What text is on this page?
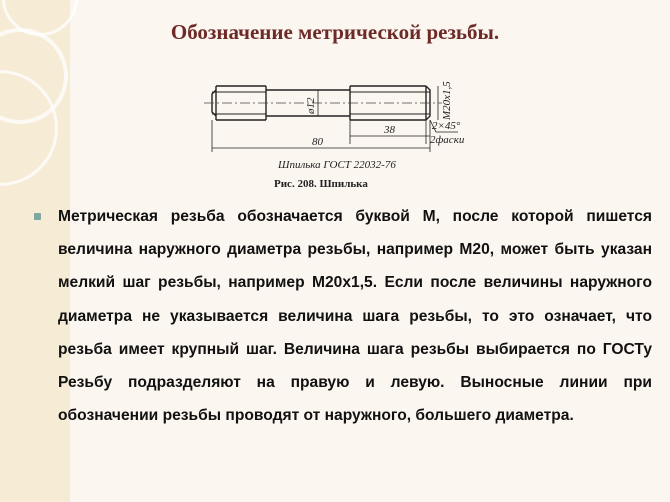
Обозначение метрической резьбы.
ø12	M20х1,5
80
38	2×45°
2фаски
Шпилька ГОСТ 22032-76
Рис. 208. Шпилька
Метрическая резьба обозначается буквой М, после которой пишется величина наружного диаметра резьбы, например М20, может быть указан мелкий шаг резьбы, например М20х1,5. Если после величины наружного диаметра не указывается величина шага резьбы, то это означает, что резьба имеет крупный шаг. Величина шага резьбы выбирается по ГОСТу Резьбу подразделяют на правую и левую. Выносные линии при обозначении резьбы проводят от наружного, большего диаметра.
